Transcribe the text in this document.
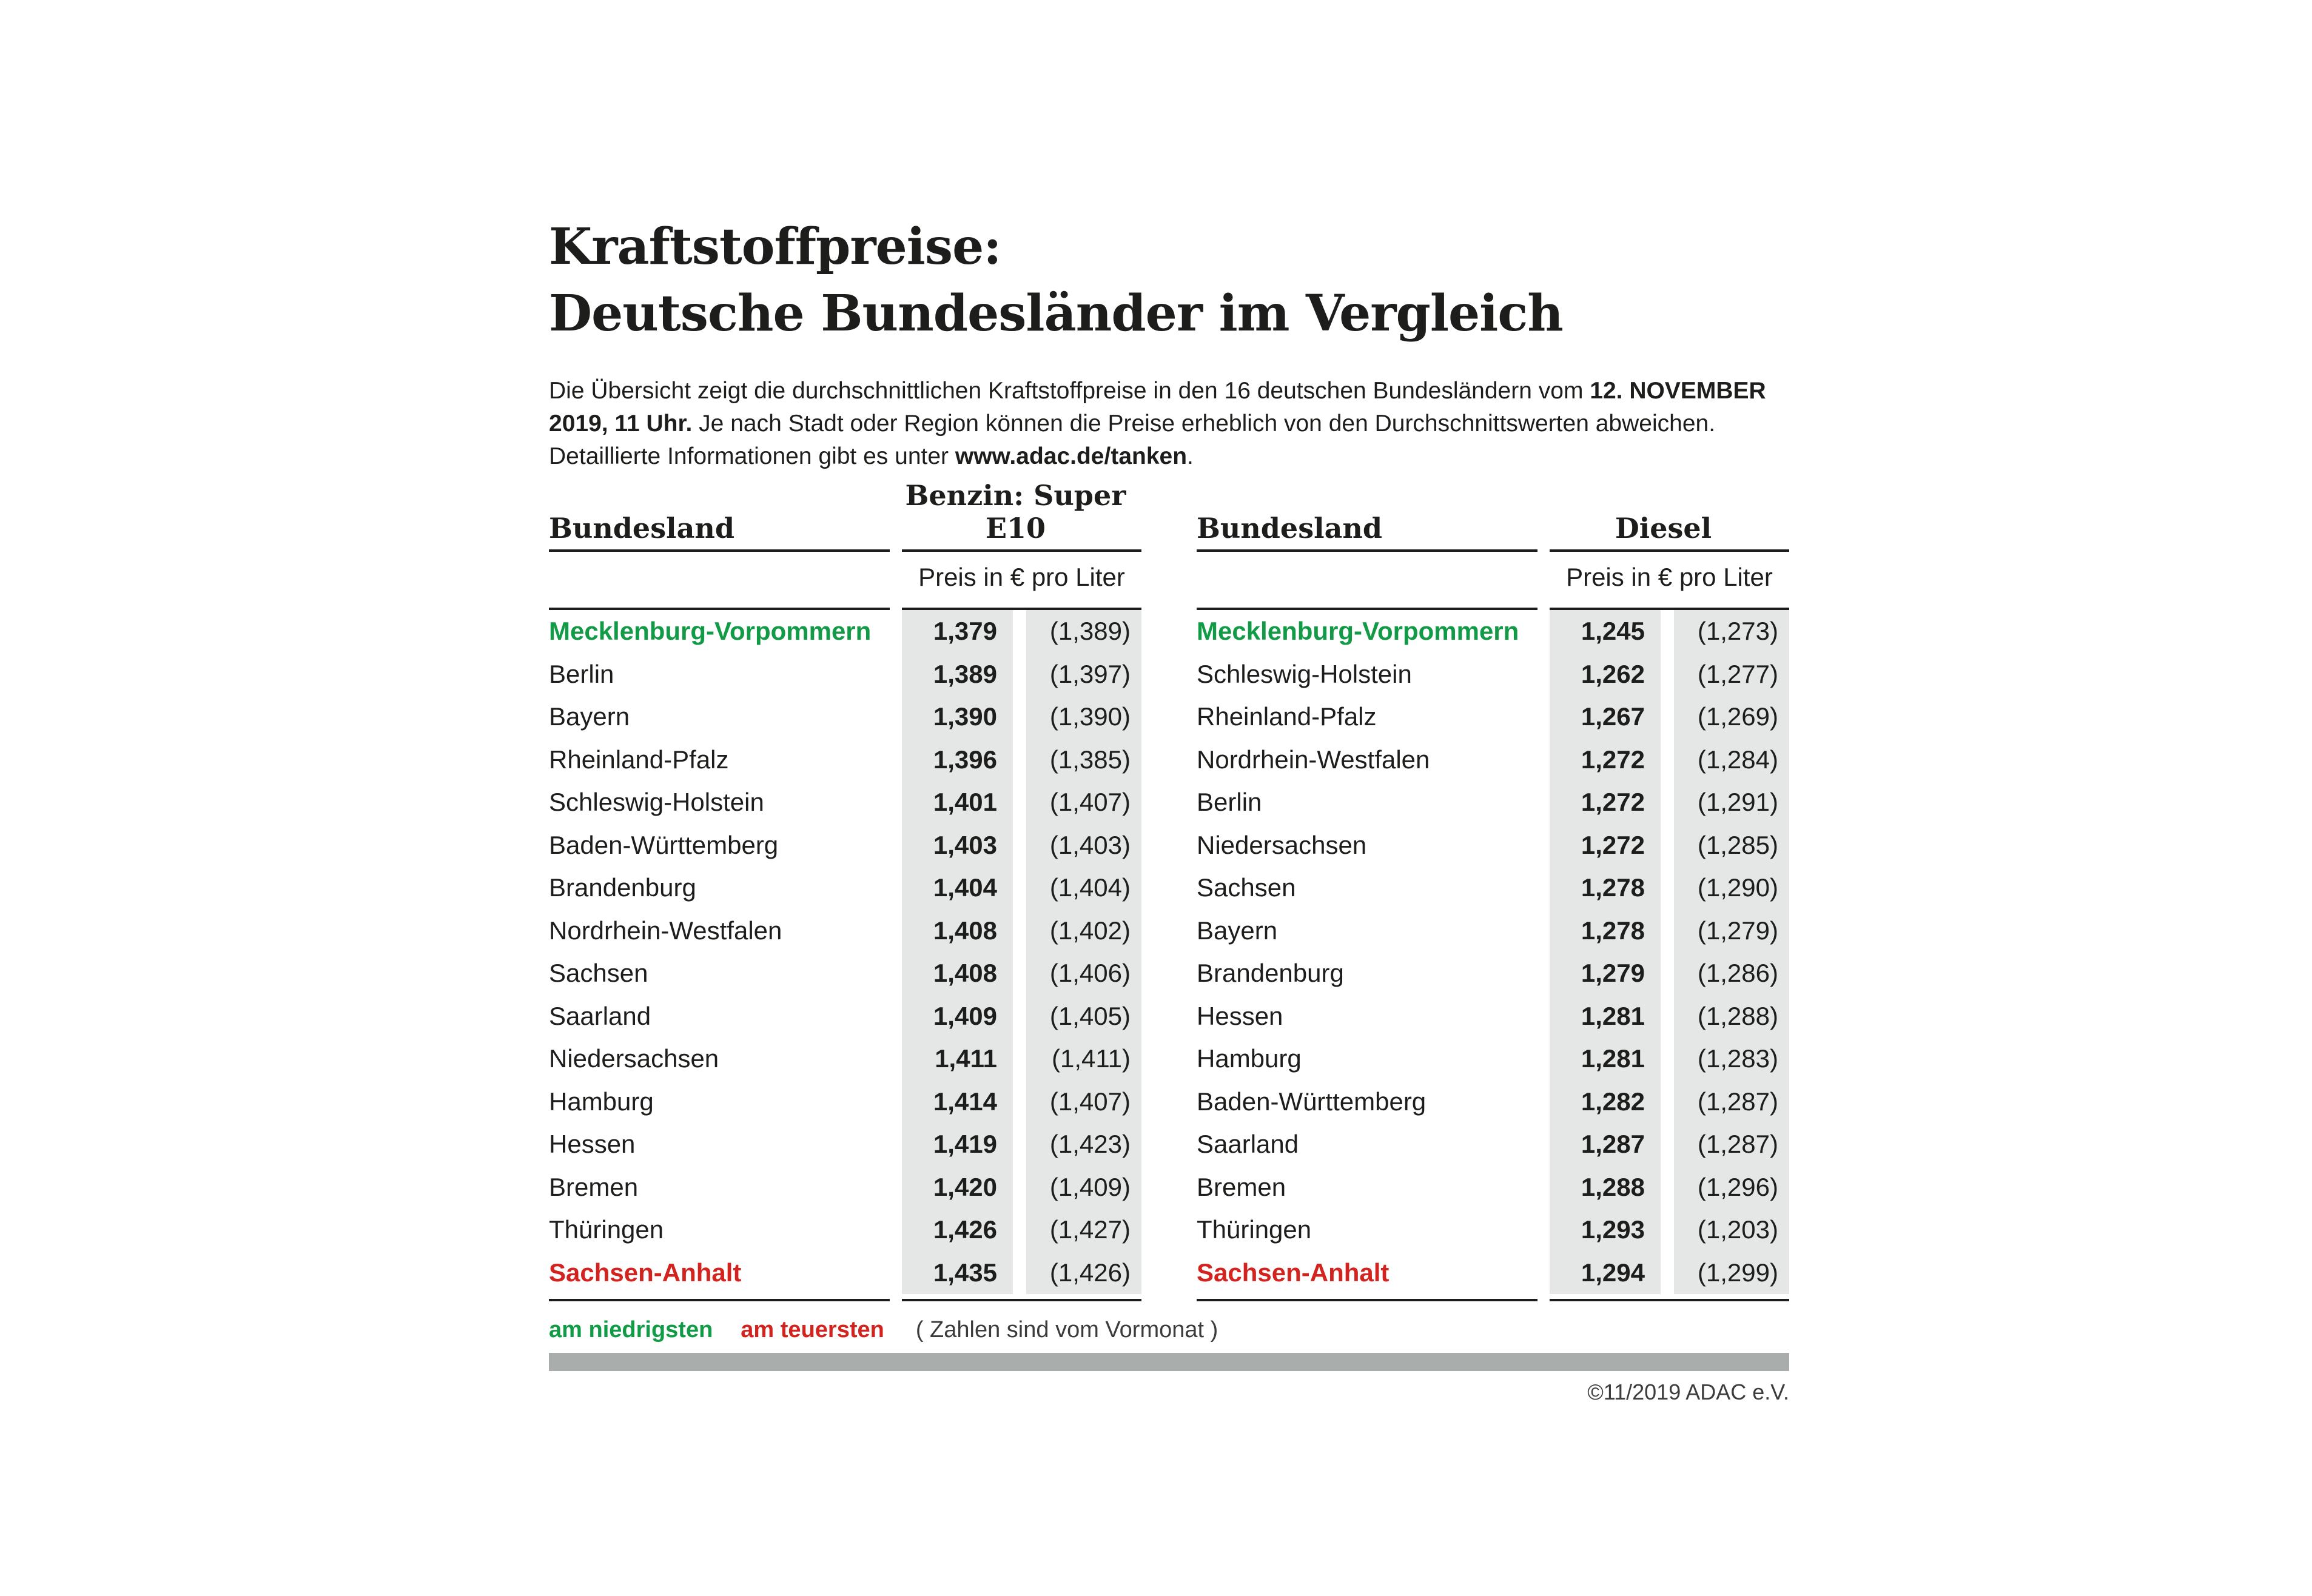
Kraftstoffpreise:
Deutsche Bundesländer im Vergleich
Die Übersicht zeigt die durchschnittlichen Kraftstoffpreise in den 16 deutschen Bundesländern vom 12. NOVEMBER 2019, 11 Uhr. Je nach Stadt oder Region können die Preise erheblich von den Durchschnittswerten abweichen. Detaillierte Informationen gibt es unter www.adac.de/tanken.
Bundesland
Benzin: Super E10
Preis in € pro Liter
Mecklenburg-Vorpommern	1,379	(1,389)
Berlin	1,389	(1,397)
Bayern	1,390	(1,390)
Rheinland-Pfalz	1,396	(1,385)
Schleswig-Holstein	1,401	(1,407)
Baden-Württemberg	1,403	(1,403)
Brandenburg	1,404	(1,404)
Nordrhein-Westfalen	1,408	(1,402)
Sachsen	1,408	(1,406)
Saarland	1,409	(1,405)
Niedersachsen	1,411	(1,411)
Hamburg	1,414	(1,407)
Hessen	1,419	(1,423)
Bremen	1,420	(1,409)
Thüringen	1,426	(1,427)
Sachsen-Anhalt	1,435	(1,426)
Bundesland	Diesel
Preis in € pro Liter
Mecklenburg-Vorpommern	1,245	(1,273)
Schleswig-Holstein	1,262	(1,277)
Rheinland-Pfalz	1,267	(1,269)
Nordrhein-Westfalen	1,272	(1,284)
Berlin	1,272	(1,291)
Niedersachsen	1,272	(1,285)
Sachsen	1,278	(1,290)
Bayern	1,278	(1,279)
Brandenburg	1,279	(1,286)
Hessen	1,281	(1,288)
Hamburg	1,281	(1,283)
Baden-Württemberg	1,282	(1,287)
Saarland	1,287	(1,287)
Bremen	1,288	(1,296)
Thüringen	1,293	(1,203)
Sachsen-Anhalt	1,294	(1,299)
am niedrigsten am teuersten ( Zahlen sind vom Vormonat )
©11/2019 ADAC e.V.
